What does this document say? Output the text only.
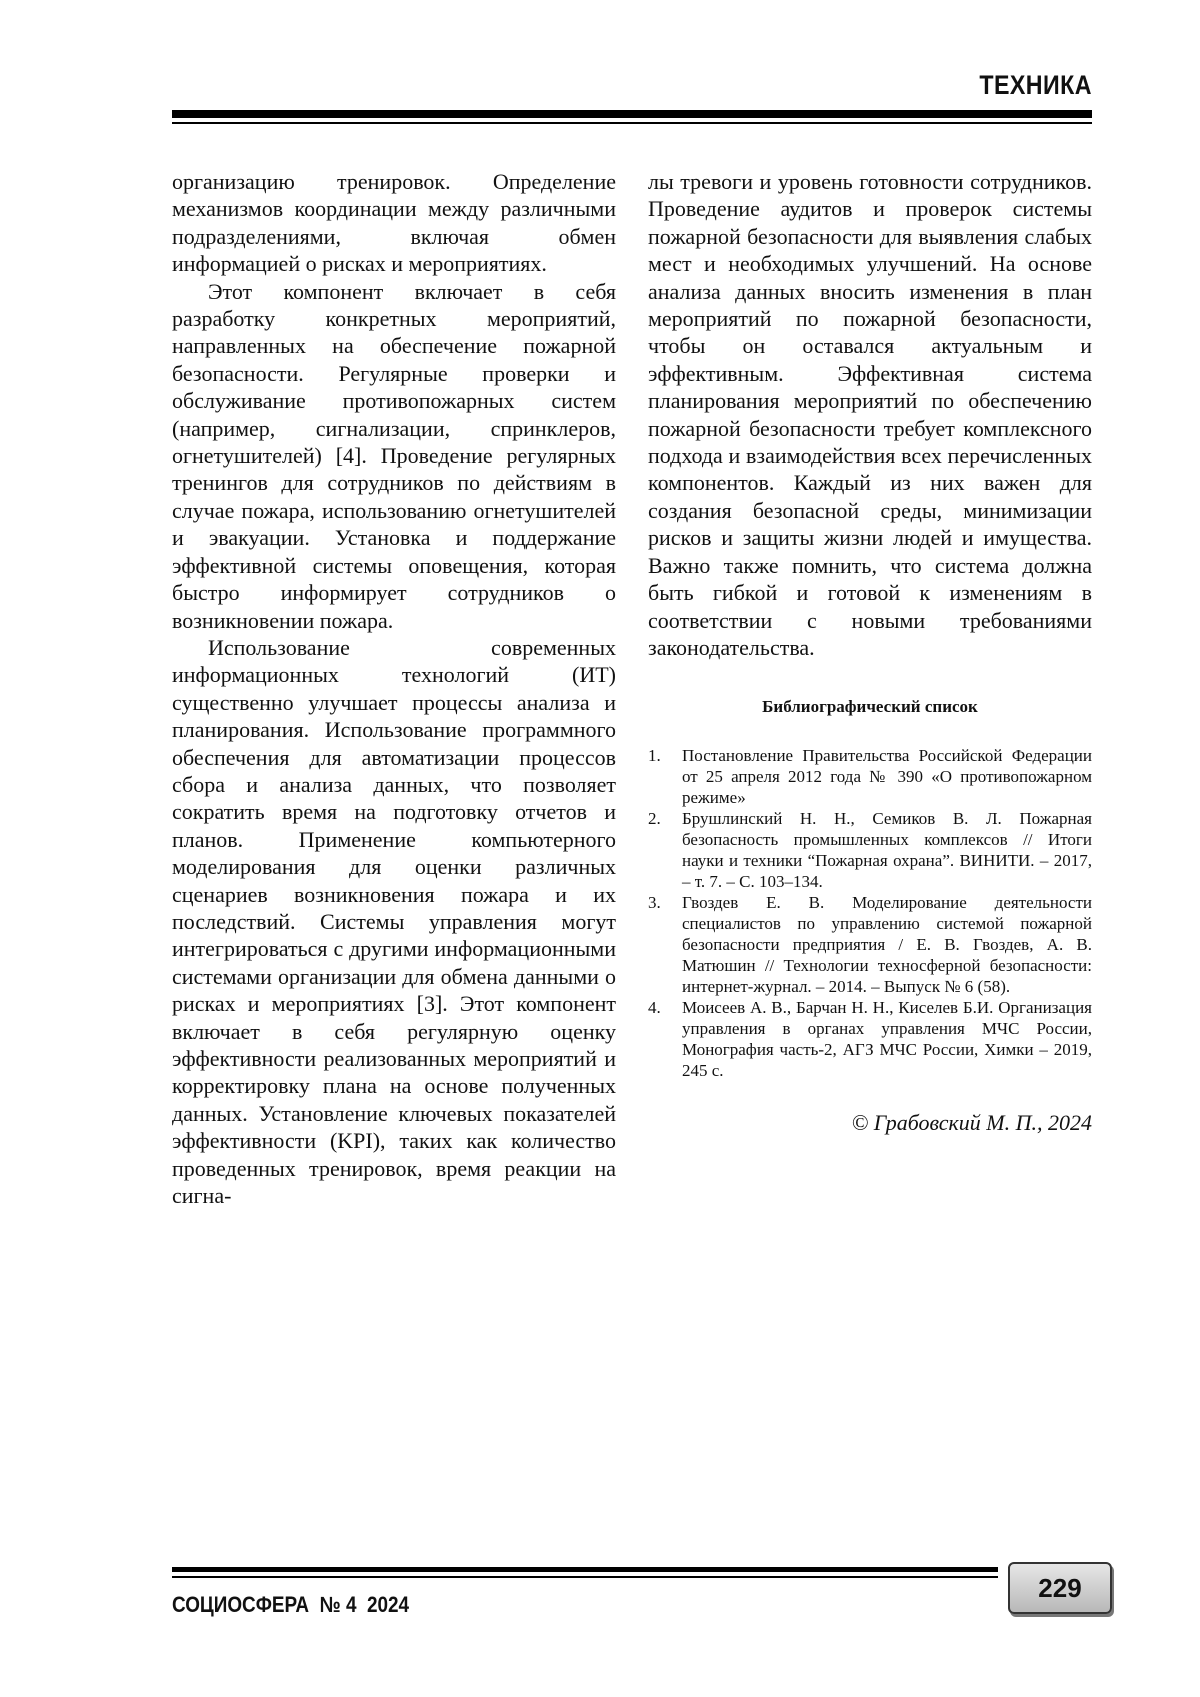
ТЕХНИКА

организацию тренировок. Определение механизмов координации между различными подразделениями, включая обмен информацией о рисках и мероприятиях.

Этот компонент включает в себя разработку конкретных мероприятий, направленных на обеспечение пожарной безопасности. Регулярные проверки и обслуживание противопожарных систем (например, сигнализации, спринклеров, огнетушителей) [4]. Проведение регулярных тренингов для сотрудников по действиям в случае пожара, использованию огнетушителей и эвакуации. Установка и поддержание эффективной системы оповещения, которая быстро информирует сотрудников о возникновении пожара.

Использование современных информационных технологий (ИТ) существенно улучшает процессы анализа и планирования. Использование программного обеспечения для автоматизации процессов сбора и анализа данных, что позволяет сократить время на подготовку отчетов и планов. Применение компьютерного моделирования для оценки различных сценариев возникновения пожара и их последствий. Системы управления могут интегрироваться с другими информационными системами организации для обмена данными о рисках и мероприятиях [3]. Этот компонент включает в себя регулярную оценку эффективности реализованных мероприятий и корректировку плана на основе полученных данных. Установление ключевых показателей эффективности (KPI), таких как количество проведенных тренировок, время реакции на сигна-

лы тревоги и уровень готовности сотрудников. Проведение аудитов и проверок системы пожарной безопасности для выявления слабых мест и необходимых улучшений. На основе анализа данных вносить изменения в план мероприятий по пожарной безопасности, чтобы он оставался актуальным и эффективным. Эффективная система планирования мероприятий по обеспечению пожарной безопасности требует комплексного подхода и взаимодействия всех перечисленных компонентов. Каждый из них важен для создания безопасной среды, минимизации рисков и защиты жизни людей и имущества. Важно также помнить, что система должна быть гибкой и готовой к изменениям в соответствии с новыми требованиями законодательства.

Библиографический список
1. Постановление Правительства Российской Федерации от 25 апреля 2012 года № 390 «О противопожарном режиме»
2. Брушлинский Н. Н., Семиков В. Л. Пожарная безопасность промышленных комплексов // Итоги науки и техники “Пожарная охрана”. ВИНИТИ. – 2017, – т. 7. – С. 103–134.
3. Гвоздев Е. В. Моделирование деятельности специалистов по управлению системой пожарной безопасности предприятия / Е. В. Гвоздев, А. В. Матюшин // Технологии техносферной безопасности: интернет-журнал. – 2014. – Выпуск № 6 (58).
4. Моисеев А. В., Барчан Н. Н., Киселев Б.И. Организация управления в органах управления МЧС России, Монография часть-2, АГЗ МЧС России, Химки – 2019, 245 с.
© Грабовский М. П., 2024
СОЦИОСФЕРА  № 4  2024
229
